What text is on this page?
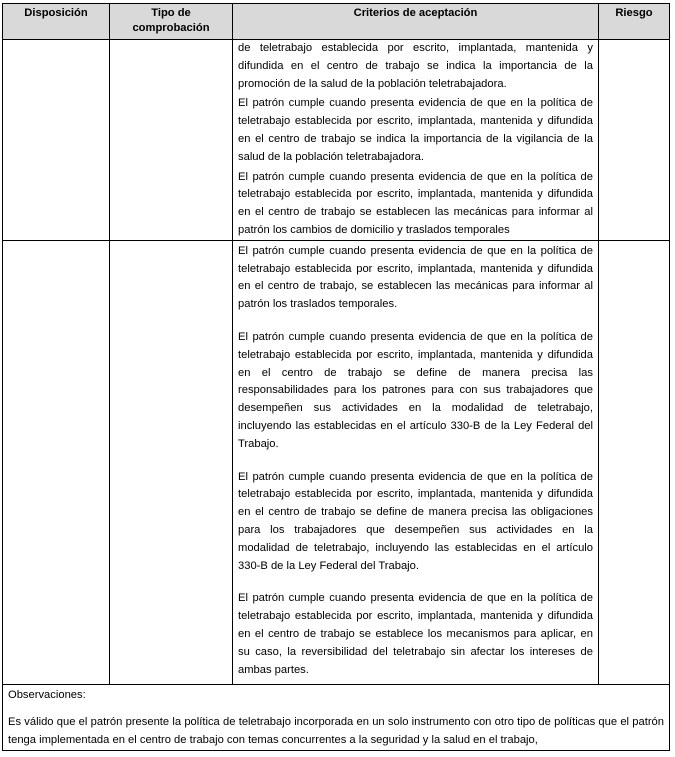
Disposición	Tipo de comprobación	Criterios de aceptación	Riesgo

		de teletrabajo establecida por escrito, implantada, mantenida y difundida en el centro de trabajo se indica la importancia de la promoción de la salud de la población teletrabajadora.

El patrón cumple cuando presenta evidencia de que en la política de teletrabajo establecida por escrito, implantada, mantenida y difundida en el centro de trabajo se indica la importancia de la vigilancia de la salud de la población teletrabajadora.

El patrón cumple cuando presenta evidencia de que en la política de teletrabajo establecida por escrito, implantada, mantenida y difundida en el centro de trabajo se establecen las mecánicas para informar al patrón los cambios de domicilio y traslados temporales	

		El patrón cumple cuando presenta evidencia de que en la política de teletrabajo establecida por escrito, implantada, mantenida y difundida en el centro de trabajo, se establecen las mecánicas para informar al patrón los traslados temporales.

El patrón cumple cuando presenta evidencia de que en la política de teletrabajo establecida por escrito, implantada, mantenida y difundida en el centro de trabajo se define de manera precisa las responsabilidades para los patrones para con sus trabajadores que desempeñen sus actividades en la modalidad de teletrabajo, incluyendo las establecidas en el artículo 330-B de la Ley Federal del Trabajo.

El patrón cumple cuando presenta evidencia de que en la política de teletrabajo establecida por escrito, implantada, mantenida y difundida en el centro de trabajo se define de manera precisa las obligaciones para los trabajadores que desempeñen sus actividades en la modalidad de teletrabajo, incluyendo las establecidas en el artículo 330-B de la Ley Federal del Trabajo.

El patrón cumple cuando presenta evidencia de que en la política de teletrabajo establecida por escrito, implantada, mantenida y difundida en el centro de trabajo se establece los mecanismos para aplicar, en su caso, la reversibilidad del teletrabajo sin afectar los intereses de ambas partes.	

Observaciones:

Es válido que el patrón presente la política de teletrabajo incorporada en un solo instrumento con otro tipo de políticas que el patrón tenga implementada en el centro de trabajo con temas concurrentes a la seguridad y la salud en el trabajo,			
